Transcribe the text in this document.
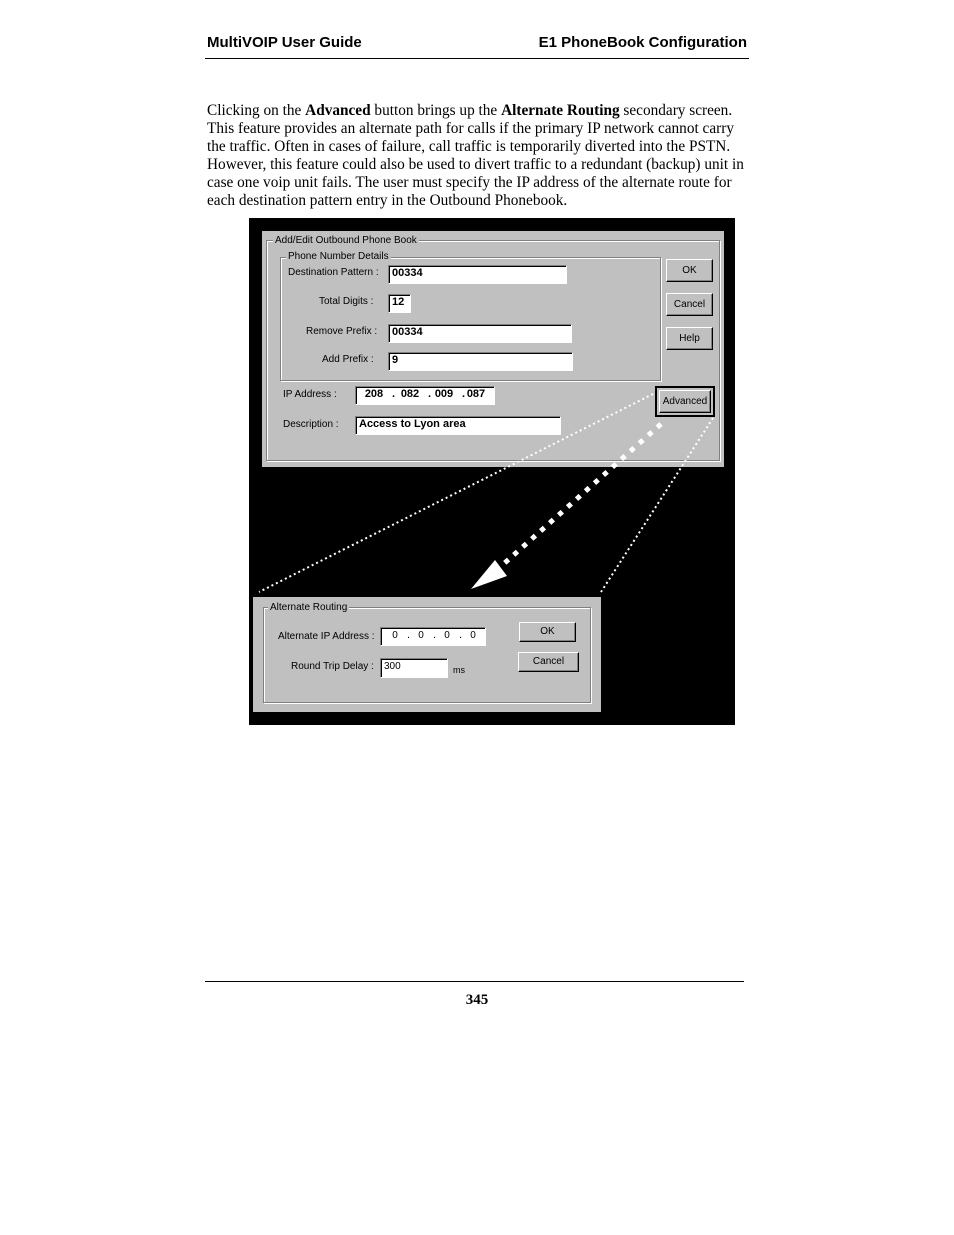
MultiVOIP User Guide	E1 PhoneBook Configuration
Clicking on the Advanced button brings up the Alternate Routing secondary screen. This feature provides an alternate path for calls if the primary IP network cannot carry the traffic. Often in cases of failure, call traffic is temporarily diverted into the PSTN. However, this feature could also be used to divert traffic to a redundant (backup) unit in case one voip unit fails. The user must specify the IP address of the alternate route for each destination pattern entry in the Outbound Phonebook.
Add/Edit Outbound Phone Book
Phone Number Details
Destination Pattern :	00334
Total Digits :	12
Remove Prefix :	00334
Add Prefix :	9
IP Address :	208 . 082 . 009 . 087
Description :	Access to Lyon area
OK
Cancel
Help
Advanced
Alternate Routing
Alternate IP Address :	0 . 0 . 0 . 0
Round Trip Delay :	300	ms
OK
Cancel
345
